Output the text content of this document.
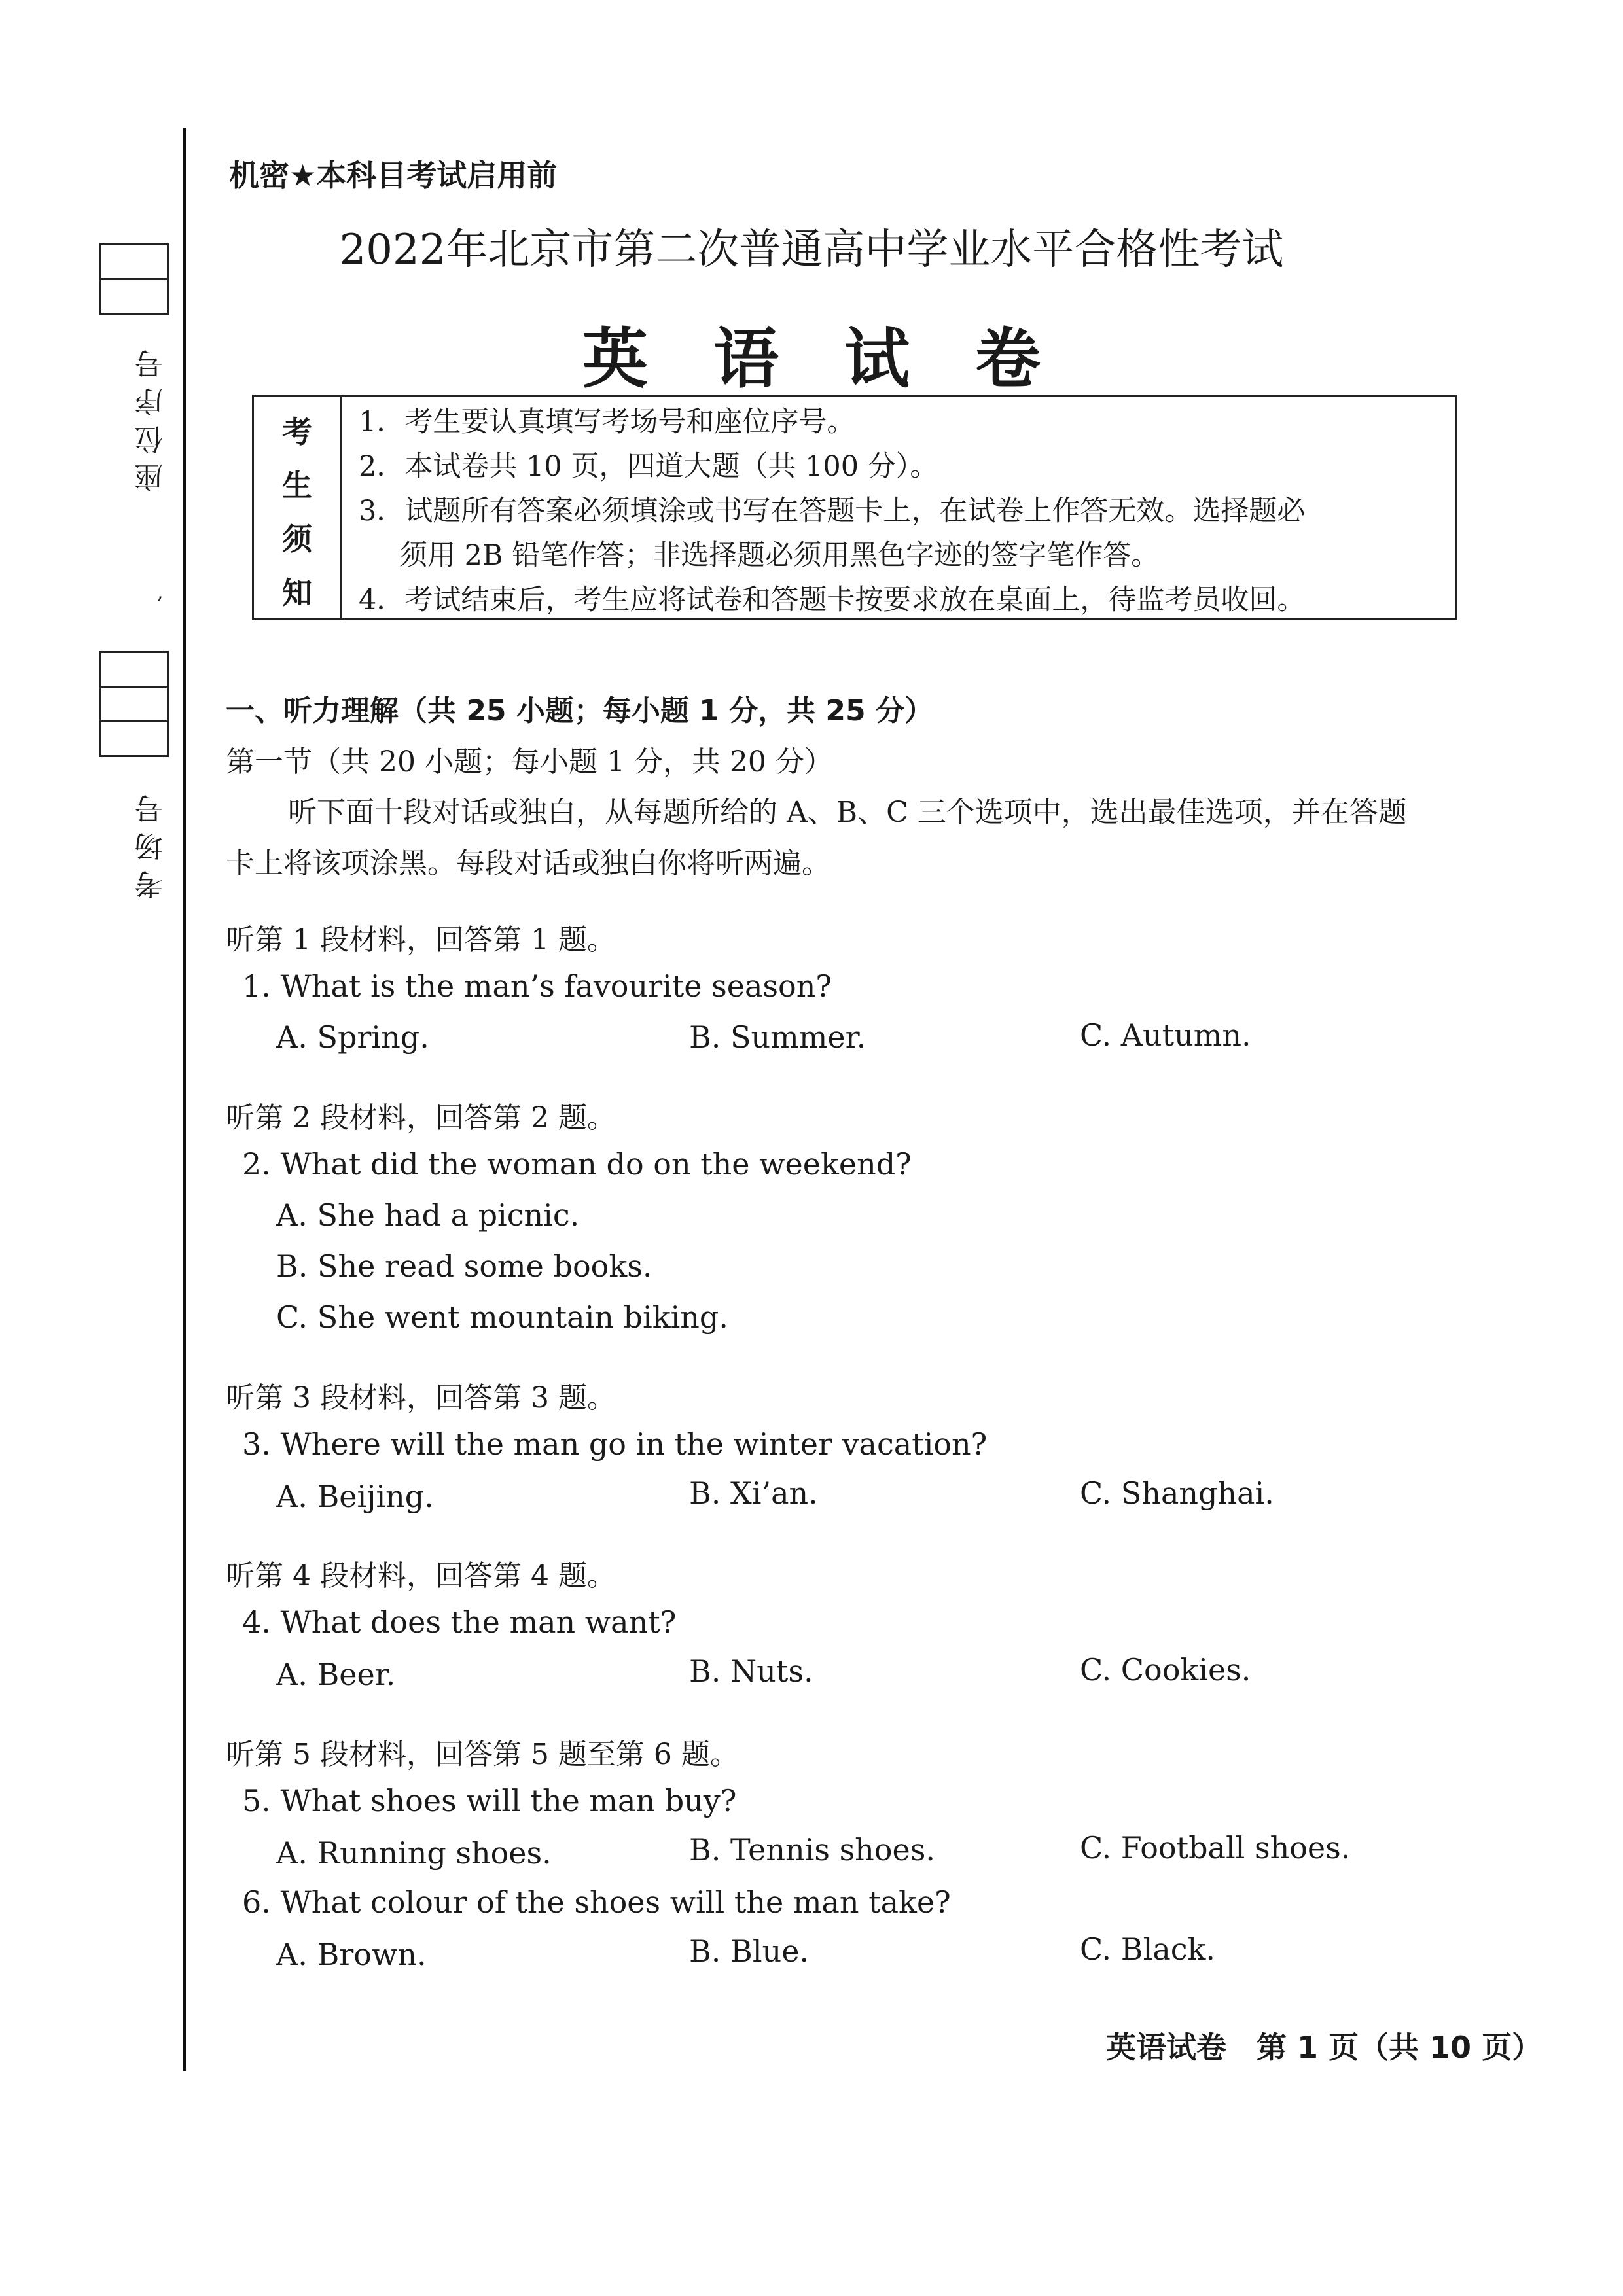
座位序号
,
考场号
机密★本科目考试启用前
2022年北京市第二次普通高中学业水平合格性考试
英语试卷
考
生
须
知
1．考生要认真填写考场号和座位序号。
2．本试卷共 10 页，四道大题（共 100 分）。
3．试题所有答案必须填涂或书写在答题卡上，在试卷上作答无效。选择题必
须用 2B 铅笔作答；非选择题必须用黑色字迹的签字笔作答。
4．考试结束后，考生应将试卷和答题卡按要求放在桌面上，待监考员收回。
一、听力理解（共 25 小题；每小题 1 分，共 25 分）
第一节（共 20 小题；每小题 1 分，共 20 分）
听下面十段对话或独白，从每题所给的 A、B、C 三个选项中，选出最佳选项，并在答题
卡上将该项涂黑。每段对话或独白你将听两遍。
听第 1 段材料，回答第 1 题。
1. What is the man’s favourite season?
A. Spring.	B. Summer.	C. Autumn.
听第 2 段材料，回答第 2 题。
2. What did the woman do on the weekend?
A. She had a picnic.
B. She read some books.
C. She went mountain biking.
听第 3 段材料，回答第 3 题。
3. Where will the man go in the winter vacation?
A. Beijing.	B. Xi’an.	C. Shanghai.
听第 4 段材料，回答第 4 题。
4. What does the man want?
A. Beer.	B. Nuts.	C. Cookies.
听第 5 段材料，回答第 5 题至第 6 题。
5. What shoes will the man buy?
A. Running shoes.	B. Tennis shoes.	C. Football shoes.
6. What colour of the shoes will the man take?
A. Brown.	B. Blue.	C. Black.
英语试卷　第 1 页（共 10 页）
